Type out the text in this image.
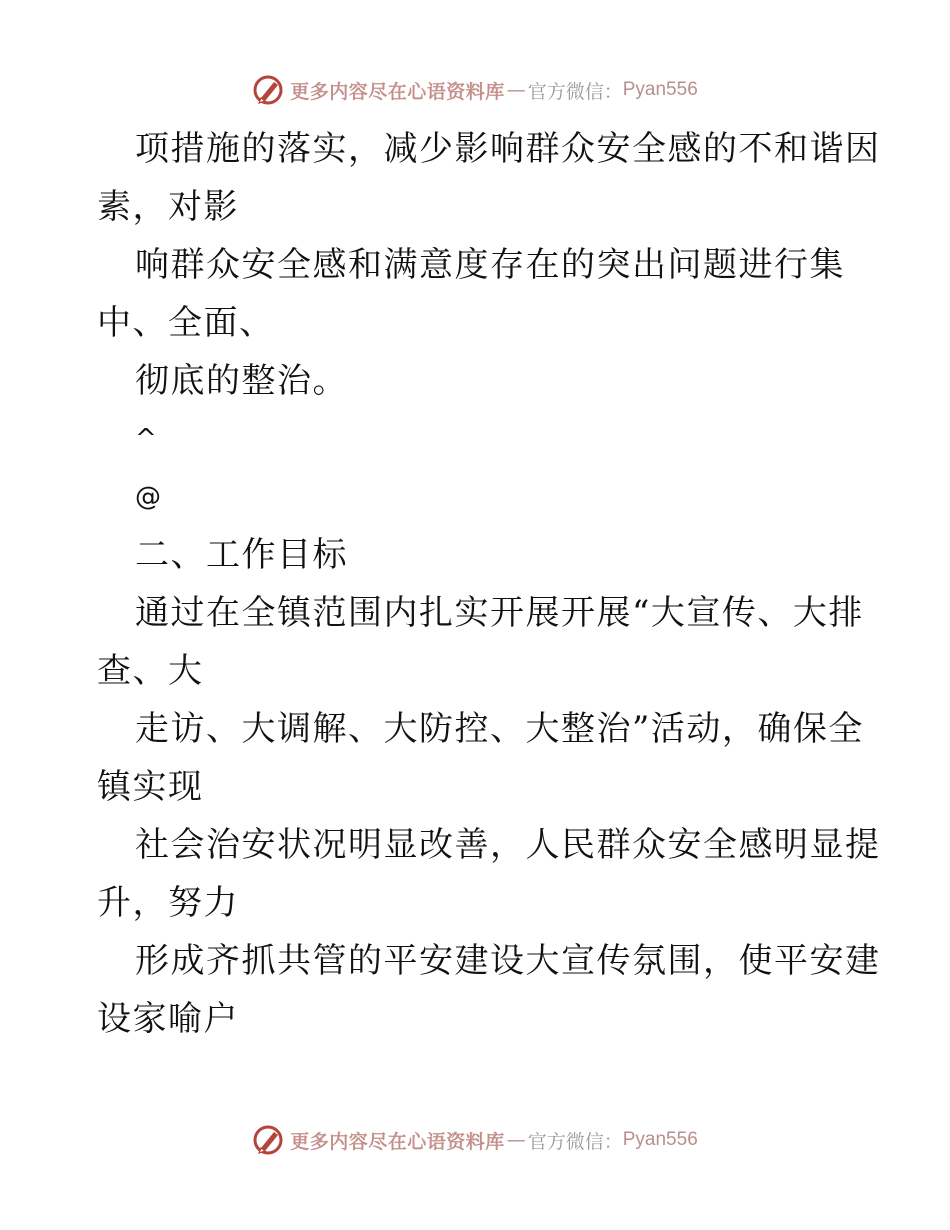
更多内容尽在心语资料库 — 官方微信： Pyan556
项措施的落实，减少影响群众安全感的不和谐因
素，对影
响群众安全感和满意度存在的突出问题进行集
中、全面、
彻底的整治。
^
@
二、工作目标
通过在全镇范围内扎实开展开展“大宣传、大排
查、大
走访、大调解、大防控、大整治”活动，确保全
镇实现
社会治安状况明显改善，人民群众安全感明显提
升，努力
形成齐抓共管的平安建设大宣传氛围，使平安建
设家喻户
更多内容尽在心语资料库 — 官方微信： Pyan556
